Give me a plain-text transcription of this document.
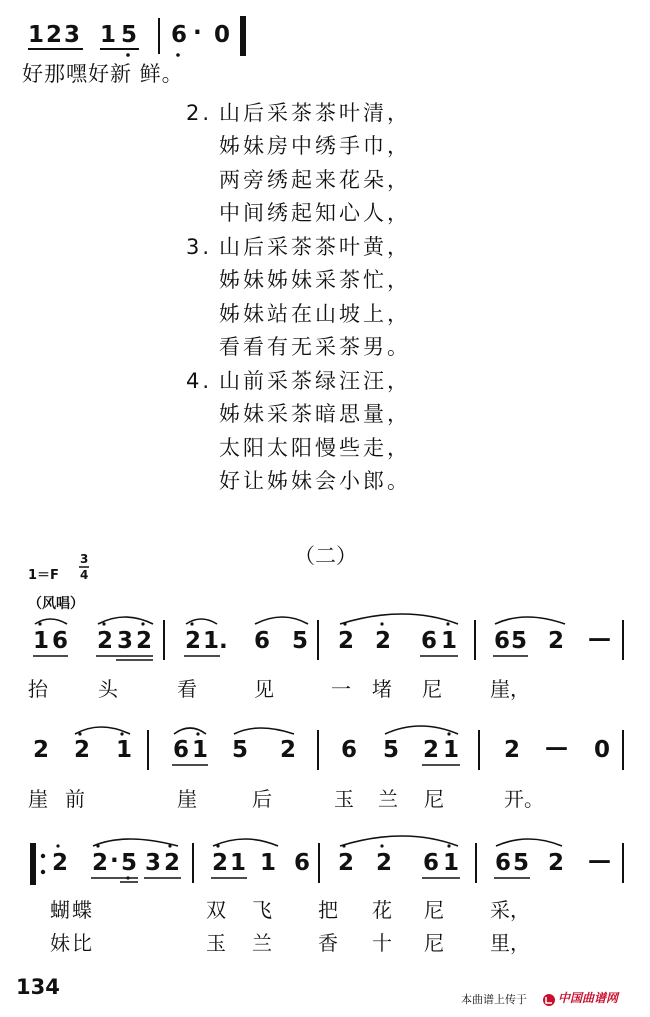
1 2 3 1 5 6 · 0
好那嘿好新 鲜。
2. 山后采茶茶叶清，
姊妹房中绣手巾，
两旁绣起来花朵，
中间绣起知心人，
3. 山后采茶茶叶黄，
姊妹姊妹采茶忙，
姊妹站在山坡上，
看看有无采茶男。
4. 山前采茶绿汪汪，
姊妹采茶暗思量，
太阳太阳慢些走，
好让姊妹会小郎。
（二）
1＝F
3
4
（风唱）
1 6 2 3 2 2 1 . 6 5 2 2 6 1 6 5 2 —
抬	头	看	见	一 堵 尼 崖，
2 2 1 6 1 5 2 6 5 2 1 2 — 0
崖 前	崖	后	玉 兰 尼	开。
2 2 · 5 3 2 2 1 1 6 2 2 6 1 6 5 2 —
蝴 蝶	双 飞 把 花 尼 采，
妹 比	玉 兰 香 十 尼 里，
134
本曲谱上传于	中国曲谱网
